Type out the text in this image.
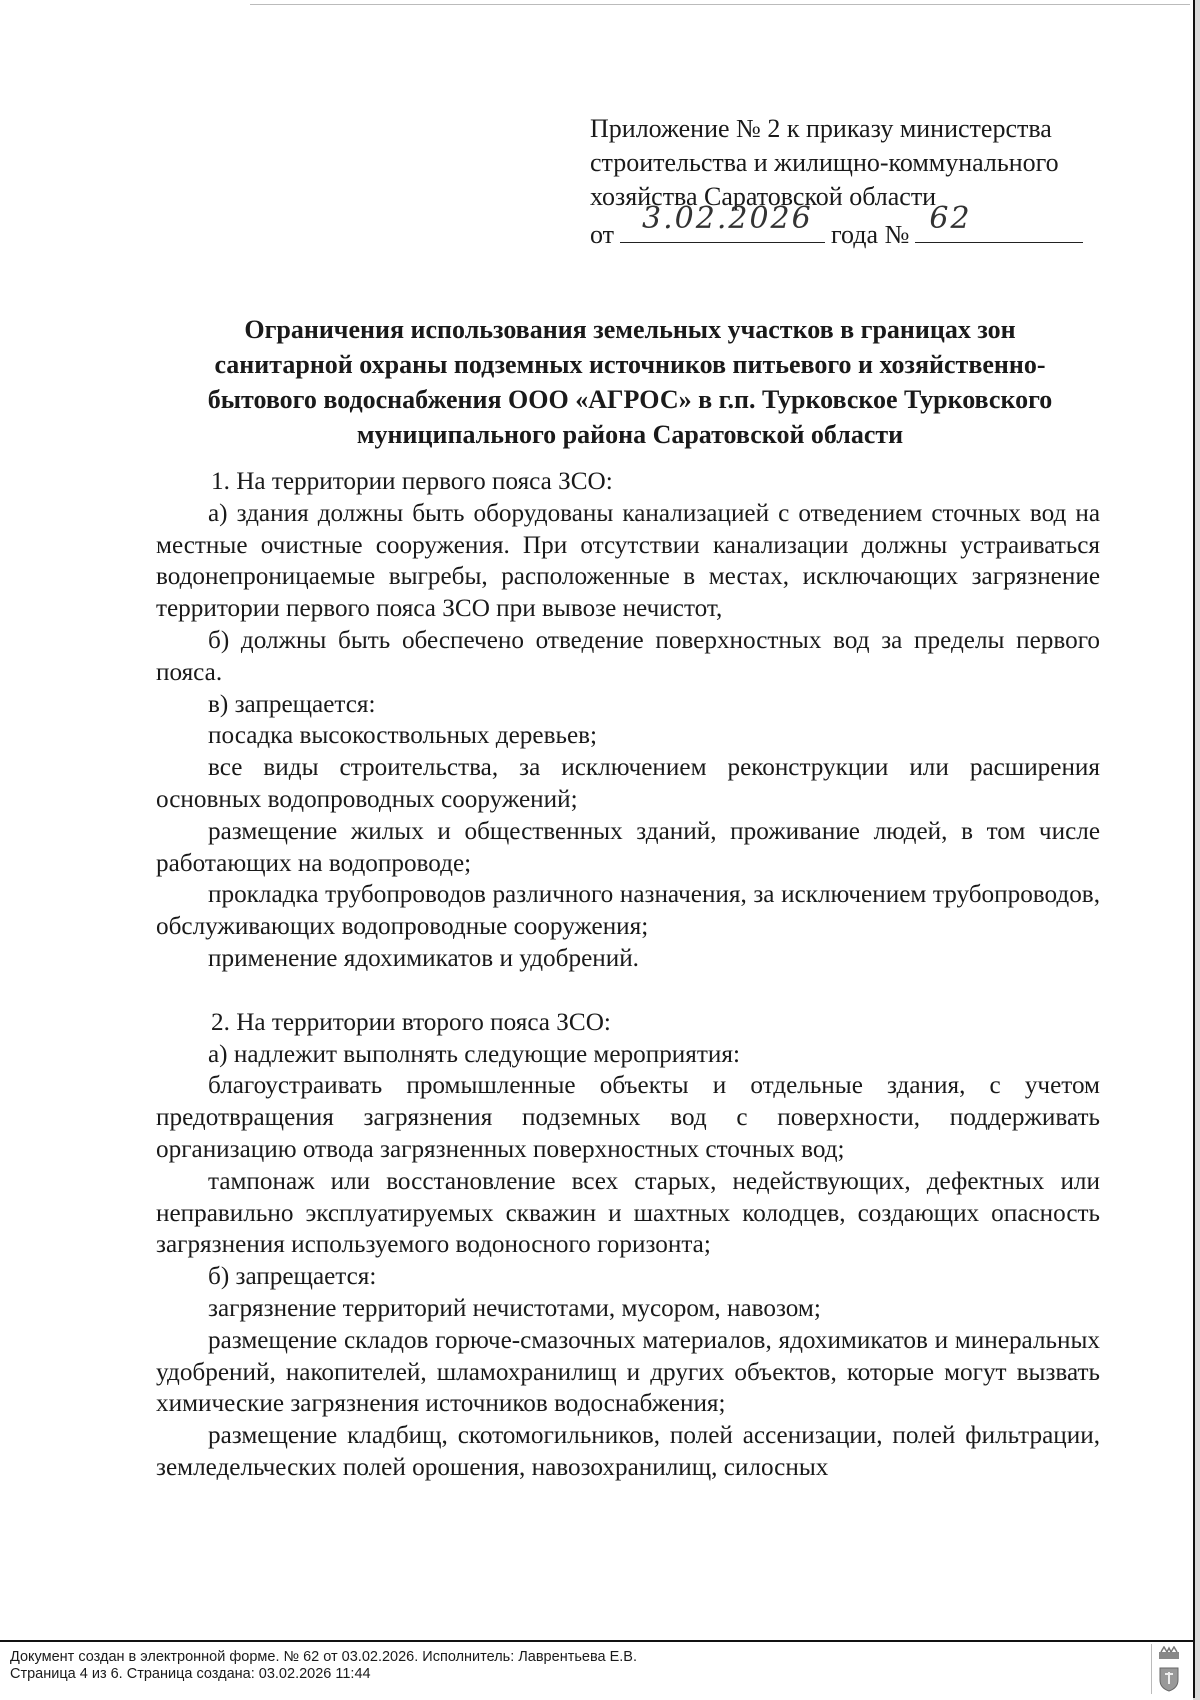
Приложение № 2 к приказу министерства
строительства и жилищно-коммунального
хозяйства Саратовской области
от 3.02.2026 года № 62
Ограничения использования земельных участков в границах зон
санитарной охраны подземных источников питьевого и хозяйственно-
бытового водоснабжения ООО «АГРОС» в г.п. Турковское Турковского
муниципального района Саратовской области

1. На территории первого пояса ЗСО:

а) здания должны быть оборудованы канализацией с отведением сточных вод на местные очистные сооружения. При отсутствии канализации должны устраиваться водонепроницаемые выгребы, расположенные в местах, исключающих загрязнение территории первого пояса ЗСО при вывозе нечистот,

б) должны быть обеспечено отведение поверхностных вод за пределы первого пояса.

в) запрещается:

посадка высокоствольных деревьев;

все виды строительства, за исключением реконструкции или расширения основных водопроводных сооружений;

размещение жилых и общественных зданий, проживание людей, в том числе работающих на водопроводе;

прокладка трубопроводов различного назначения, за исключением трубопроводов, обслуживающих водопроводные сооружения;

применение ядохимикатов и удобрений.

2. На территории второго пояса ЗСО:

а) надлежит выполнять следующие мероприятия:

благоустраивать промышленные объекты и отдельные здания, с учетом предотвращения загрязнения подземных вод с поверхности, поддерживать организацию отвода загрязненных поверхностных сточных вод;

тампонаж или восстановление всех старых, недействующих, дефектных или неправильно эксплуатируемых скважин и шахтных колодцев, создающих опасность загрязнения используемого водоносного горизонта;

б) запрещается:

загрязнение территорий нечистотами, мусором, навозом;

размещение складов горюче-смазочных материалов, ядохимикатов и минеральных удобрений, накопителей, шламохранилищ и других объектов, которые могут вызвать химические загрязнения источников водоснабжения;

размещение кладбищ, скотомогильников, полей ассенизации, полей фильтрации, земледельческих полей орошения, навозохранилищ, силосных

Документ создан в электронной форме. № 62 от 03.02.2026. Исполнитель: Лаврентьева Е.В.
Страница 4 из 6. Страница создана: 03.02.2026 11:44
